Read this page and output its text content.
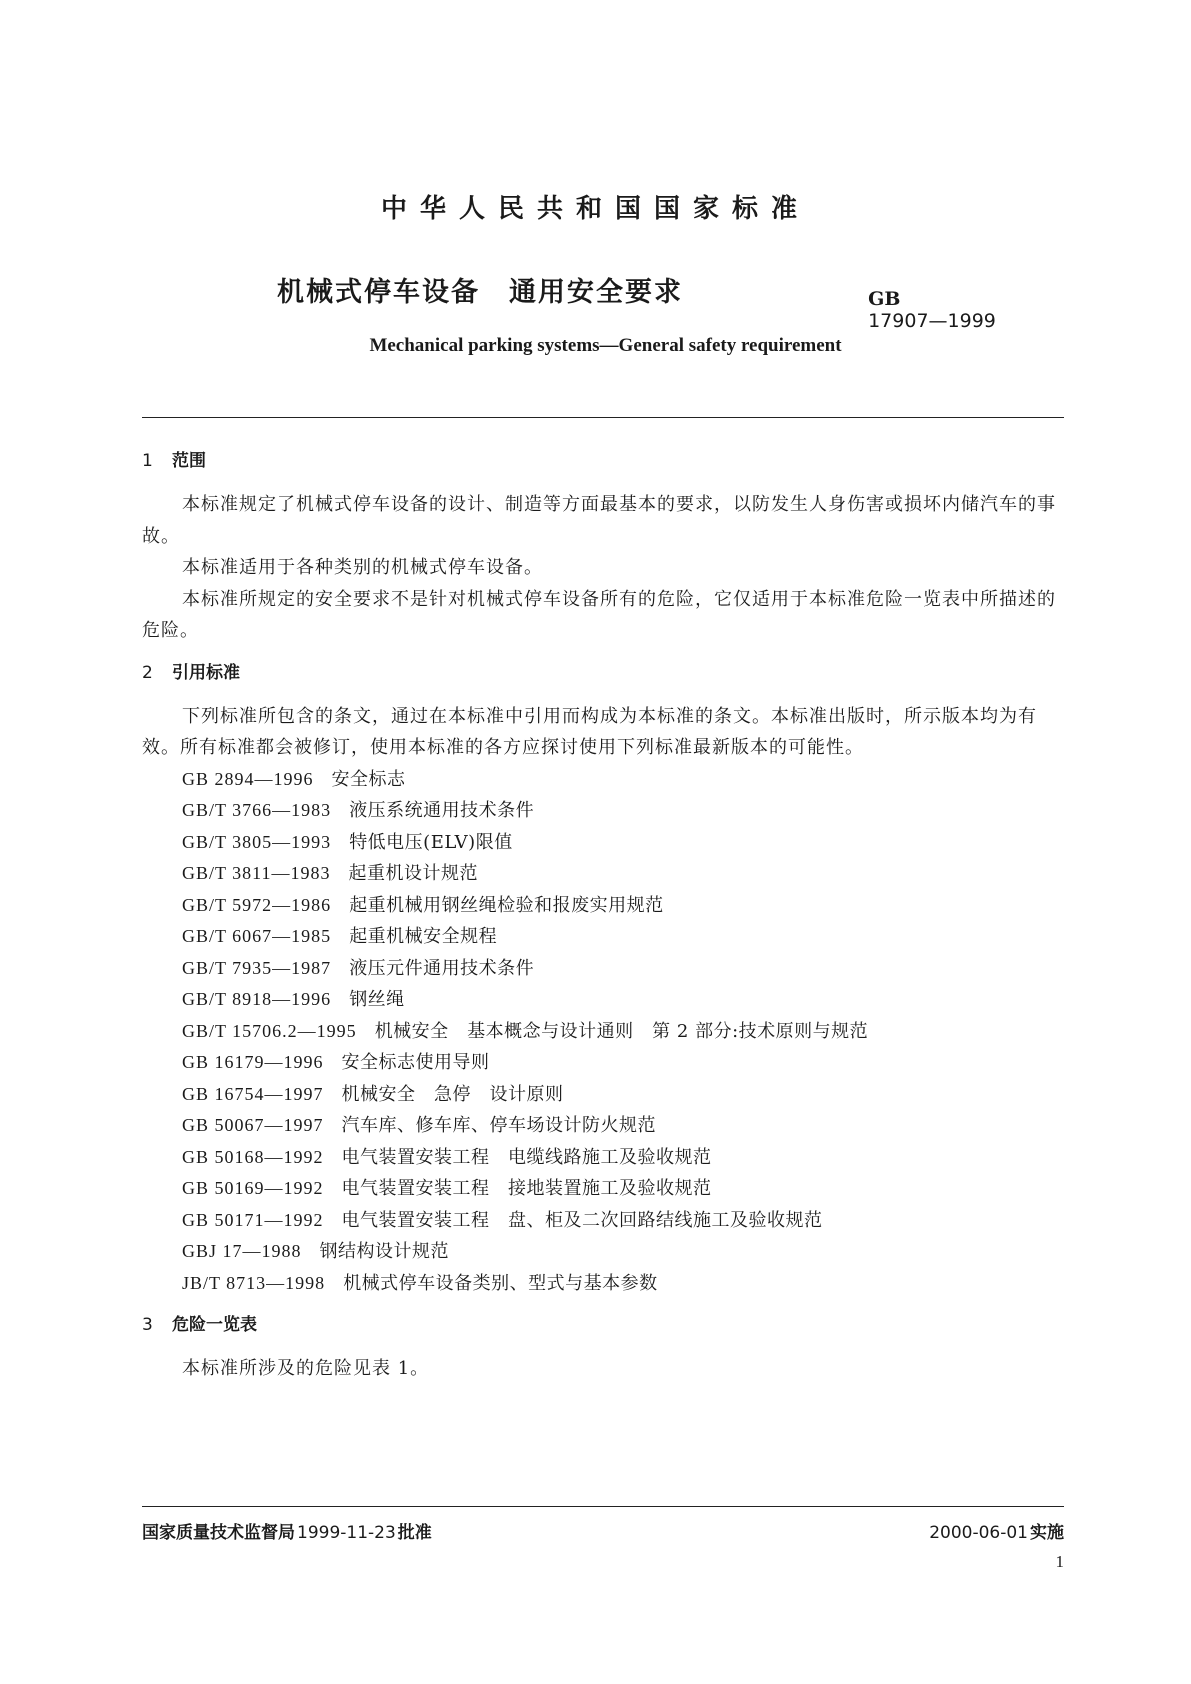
中华人民共和国国家标准
机械式停车设备　通用安全要求	GB
17907—1999

Mechanical parking systems—General safety requirement
1 范围

本标准规定了机械式停车设备的设计、制造等方面最基本的要求，以防发生人身伤害或损坏内储汽车的事故。

本标准适用于各种类别的机械式停车设备。

本标准所规定的安全要求不是针对机械式停车设备所有的危险，它仅适用于本标准危险一览表中所描述的危险。

2 引用标准

下列标准所包含的条文，通过在本标准中引用而构成为本标准的条文。本标准出版时，所示版本均为有效。所有标准都会被修订，使用本标准的各方应探讨使用下列标准最新版本的可能性。

GB 2894—1996 安全标志
GB/T 3766—1983 液压系统通用技术条件
GB/T 3805—1993 特低电压(ELV)限值
GB/T 3811—1983 起重机设计规范
GB/T 5972—1986 起重机械用钢丝绳检验和报废实用规范
GB/T 6067—1985 起重机械安全规程
GB/T 7935—1987 液压元件通用技术条件
GB/T 8918—1996 钢丝绳
GB/T 15706.2—1995 机械安全　基本概念与设计通则　第 2 部分:技术原则与规范
GB 16179—1996 安全标志使用导则
GB 16754—1997 机械安全　急停　设计原则
GB 50067—1997 汽车库、修车库、停车场设计防火规范
GB 50168—1992 电气装置安装工程　电缆线路施工及验收规范
GB 50169—1992 电气装置安装工程　接地装置施工及验收规范
GB 50171—1992 电气装置安装工程　盘、柜及二次回路结线施工及验收规范
GBJ 17—1988 钢结构设计规范
JB/T 8713—1998 机械式停车设备类别、型式与基本参数
3 危险一览表

本标准所涉及的危险见表 1。

国家质量技术监督局 1999-11-23 批准	2000-06-01 实施
1
